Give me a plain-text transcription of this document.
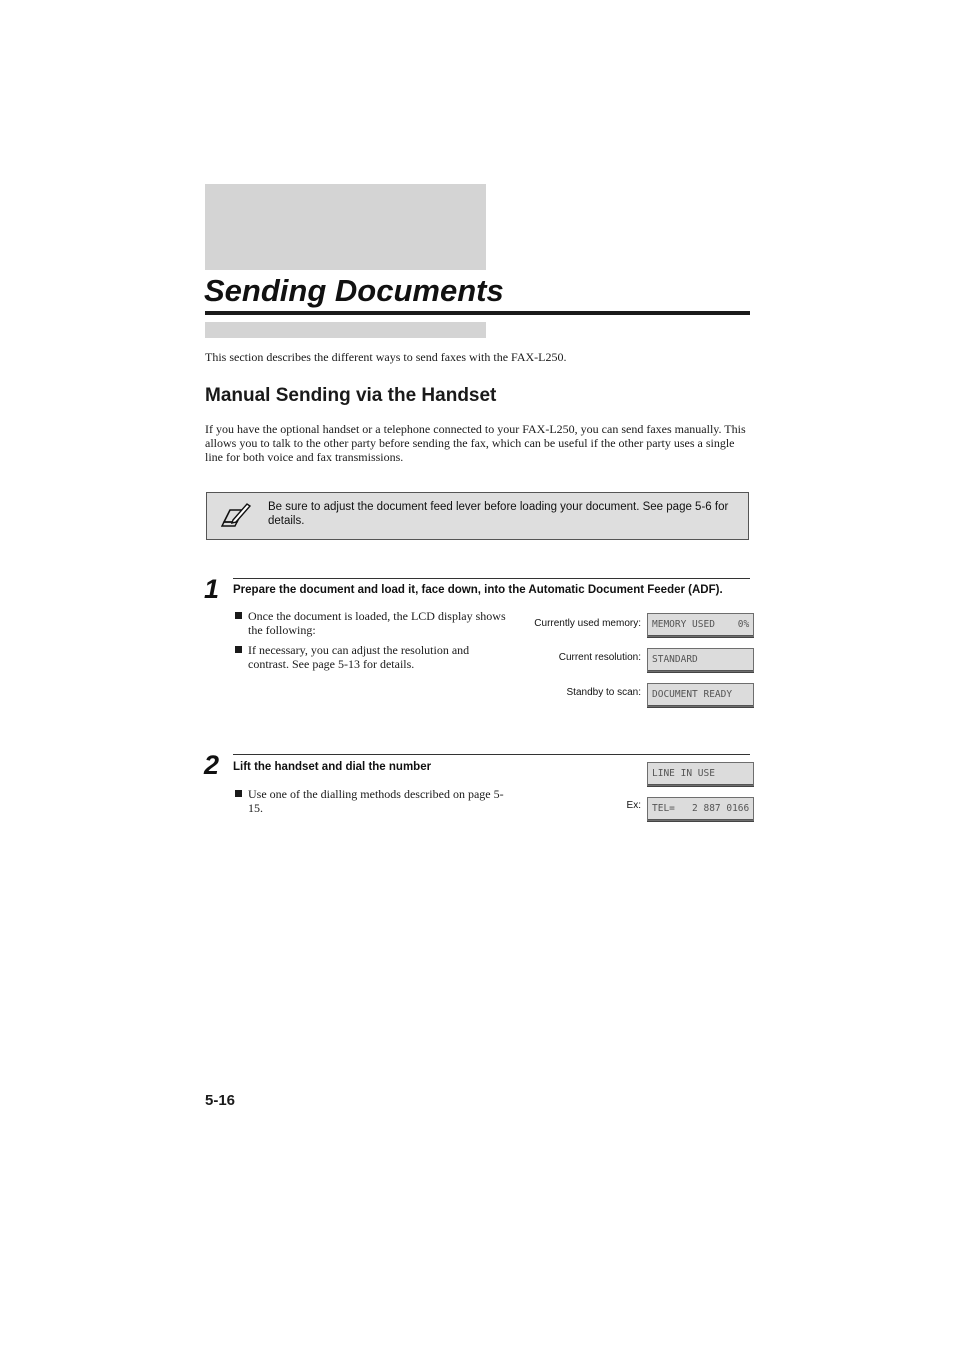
Sending Documents
This section describes the different ways to send faxes with the FAX-L250.
Manual Sending via the Handset
If you have the optional handset or a telephone connected to your FAX-L250, you can send faxes manually. This allows you to talk to the other party before sending the fax, which can be useful if the other party uses a single line for both voice and fax transmissions.
Be sure to adjust the document feed lever before loading your document. See page 5-6 for details.
1 Prepare the document and load it, face down, into the Automatic Document Feeder (ADF).
Once the document is loaded, the LCD display shows the following:
If necessary, you can adjust the resolution and contrast. See page 5-13 for details.
Currently used memory:	MEMORY USED    0%
Current resolution:	STANDARD
Standby to scan:	DOCUMENT READY
2 Lift the handset and dial the number
Use one of the dialling methods described on page 5-15.
LINE IN USE
Ex:	TEL=   2 887 0166
5-16
